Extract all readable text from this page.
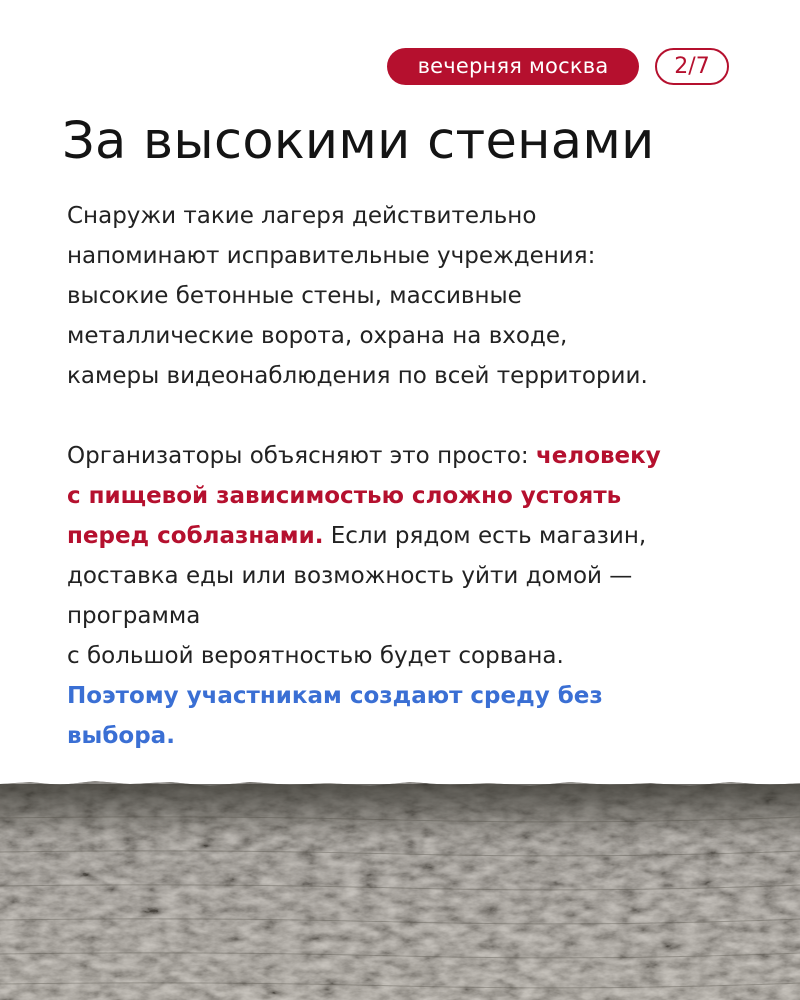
вечерняя москва	2/7
За высокими стенами

Снаружи такие лагеря действительно
напоминают исправительные учреждения:
высокие бетонные стены, массивные
металлические ворота, охрана на входе,
камеры видеонаблюдения по всей территории.

Организаторы объясняют это просто: человеку
с пищевой зависимостью сложно устоять
перед соблазнами. Если рядом есть магазин,
доставка еды или возможность уйти домой —
программа
с большой вероятностью будет сорвана.
Поэтому участникам создают среду без
выбора.
